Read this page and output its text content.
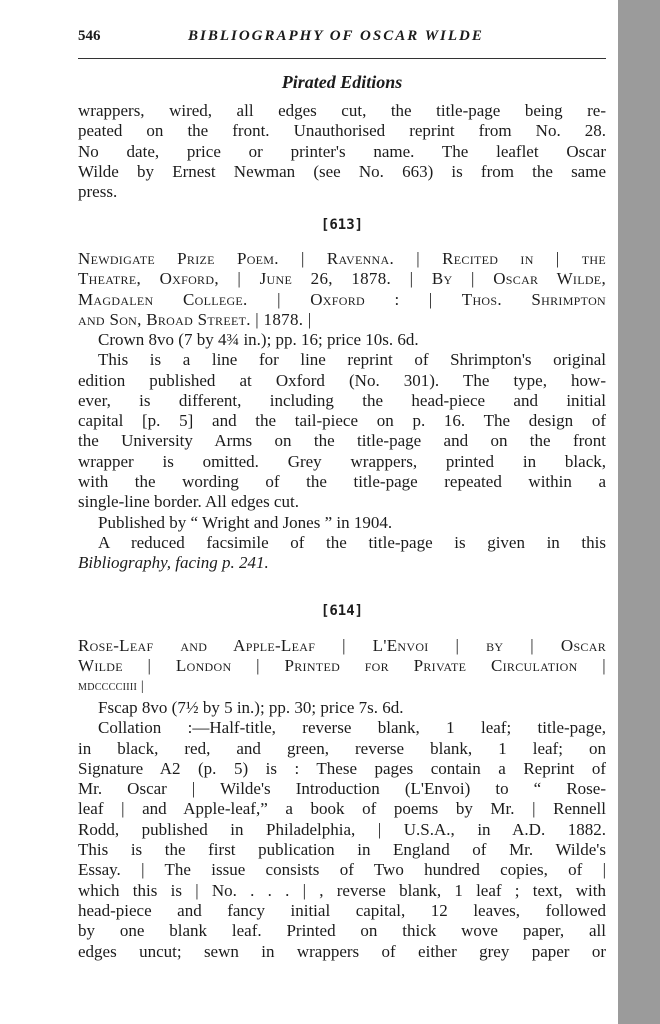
546	BIBLIOGRAPHY OF OSCAR WILDE
Pirated Editions
wrappers, wired, all edges cut, the title-page being re-
peated on the front. Unauthorised reprint from No. 28.
No date, price or printer's name. The leaflet Oscar
Wilde by Ernest Newman (see No. 663) is from the same
press.
[613]
Newdigate Prize Poem. | Ravenna. | Recited in | the
Theatre, Oxford, | June 26, 1878. | By | Oscar Wilde,
Magdalen College. | Oxford : | Thos. Shrimpton
and Son, Broad Street. | 1878. |
Crown 8vo (7 by 4¾ in.); pp. 16; price 10s. 6d.
This is a line for line reprint of Shrimpton's original
edition published at Oxford (No. 301). The type, how-
ever, is different, including the head-piece and initial
capital [p. 5] and the tail-piece on p. 16. The design of
the University Arms on the title-page and on the front
wrapper is omitted. Grey wrappers, printed in black,
with the wording of the title-page repeated within a
single-line border. All edges cut.
Published by “ Wright and Jones ” in 1904.
A reduced facsimile of the title-page is given in this
Bibliography, facing p. 241.
[614]
Rose-Leaf and Apple-Leaf | L'Envoi | by | Oscar
Wilde | London | Printed for Private Circulation |
mdcccciiii |
Fscap 8vo (7½ by 5 in.); pp. 30; price 7s. 6d.
Collation :—Half-title, reverse blank, 1 leaf; title-page,
in black, red, and green, reverse blank, 1 leaf; on
Signature A2 (p. 5) is : These pages contain a Reprint of
Mr. Oscar | Wilde's Introduction (L'Envoi) to “ Rose-
leaf | and Apple-leaf,” a book of poems by Mr. | Rennell
Rodd, published in Philadelphia, | U.S.A., in A.D. 1882.
This is the first publication in England of Mr. Wilde's
Essay. | The issue consists of Two hundred copies, of |
which this is | No. . . . | , reverse blank, 1 leaf ; text, with
head-piece and fancy initial capital, 12 leaves, followed
by one blank leaf. Printed on thick wove paper, all
edges uncut; sewn in wrappers of either grey paper or
